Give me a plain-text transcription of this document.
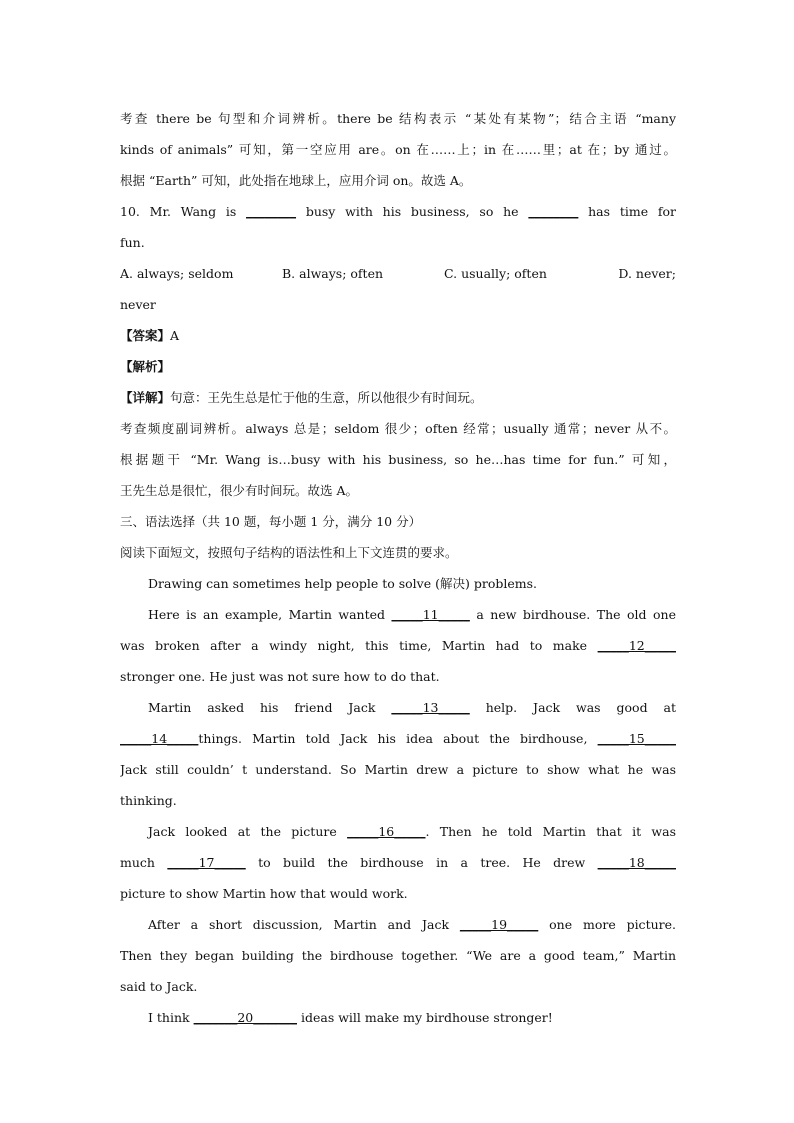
考查 there be 句型和介词辨析。there be 结构表示 “某处有某物”；结合主语 “many
kinds of animals” 可知，第一空应用 are。on 在……上；in 在……里；at 在；by 通过。
根据 “Earth” 可知，此处指在地球上，应用介词 on。故选 A。
10. Mr. Wang is ________ busy with his business, so he ________ has time for
fun.
A. always; seldom	B. always; often	C. usually; often	D. never;
never
【答案】A
【解析】
【详解】句意：王先生总是忙于他的生意，所以他很少有时间玩。
考查频度副词辨析。always 总是；seldom 很少；often 经常；usually 通常；never 从不。
根据题干 “Mr. Wang is…busy with his business, so he…has time for fun.” 可知，
王先生总是很忙，很少有时间玩。故选 A。
三、语法选择（共 10 题，每小题 1 分，满分 10 分）
阅读下面短文，按照句子结构的语法性和上下文连贯的要求。
Drawing can sometimes help people to solve (解决) problems.
Here is an example, Martin wanted _____11_____ a new birdhouse. The old one
was broken after a windy night, this time, Martin had to make _____12_____
stronger one. He just was not sure how to do that.
Martin asked his friend Jack _____13_____ help. Jack was good at
_____14_____things. Martin told Jack his idea about the birdhouse, _____15_____
Jack still couldn’ t understand. So Martin drew a picture to show what he was
thinking.
Jack looked at the picture _____16_____. Then he told Martin that it was
much _____17_____ to build the birdhouse in a tree. He drew _____18_____
picture to show Martin how that would work.
After a short discussion, Martin and Jack _____19_____ one more picture.
Then they began building the birdhouse together. “We are a good team,” Martin
said to Jack.
I think _______20_______ ideas will make my birdhouse stronger!
